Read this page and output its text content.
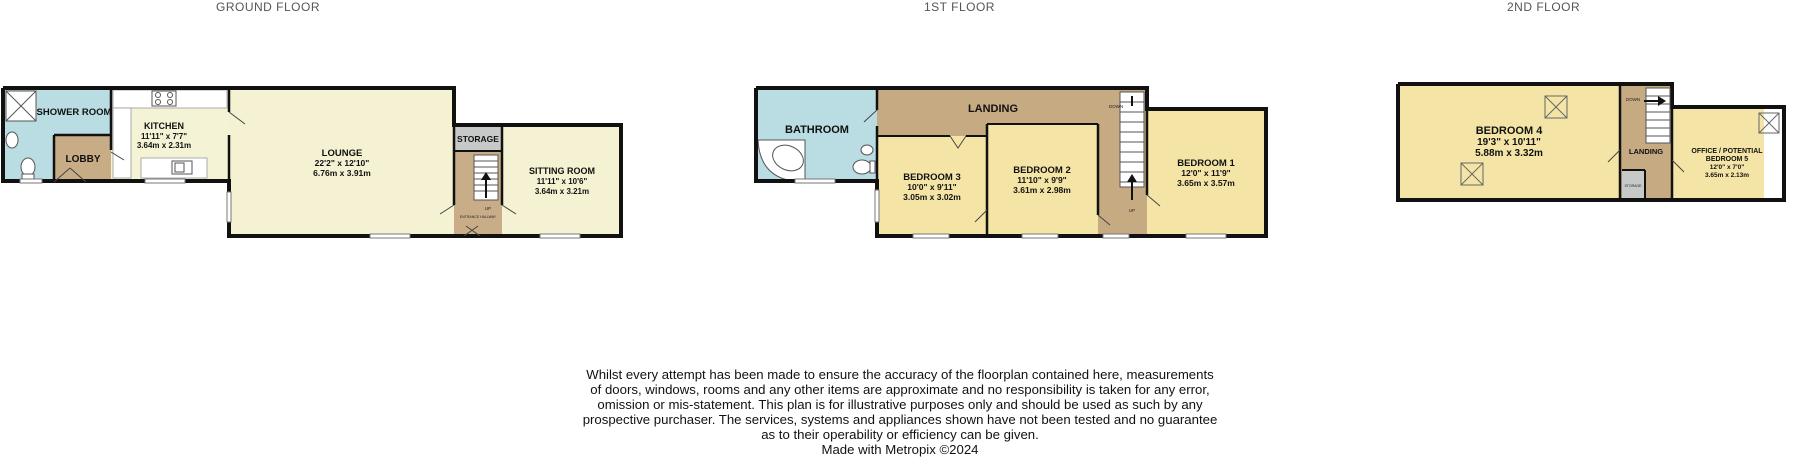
GROUND FLOOR	1ST FLOOR	2ND FLOOR
SHOWER ROOM
LOBBY
KITCHEN
11'11" x 7'7"
3.64m x 2.31m
LOUNGE
22'2" x 12'10"
6.76m x 3.91m
STORAGE
UP
ENTRANCE HALLWAY
SITTING ROOM
11'11" x 10'6"
3.64m x 3.21m
BATHROOM
LANDING	DOWN
UP
BEDROOM 3
10'0" x 9'11"
3.05m x 3.02m
BEDROOM 2
11'10" x 9'9"
3.61m x 2.98m
BEDROOM 1
12'0" x 11'9"
3.65m x 3.57m
DOWN
BEDROOM 4
19'3" x 10'11"
5.88m x 3.32m	LANDING
STORAGE
OFFICE / POTENTIAL
BEDROOM 5
12'0" x 7'0"
3.65m x 2.13m

Whilst every attempt has been made to ensure the accuracy of the floorplan contained here, measurements

of doors, windows, rooms and any other items are approximate and no responsibility is taken for any error,

omission or mis-statement. This plan is for illustrative purposes only and should be used as such by any

prospective purchaser. The services, systems and appliances shown have not been tested and no guarantee

as to their operability or efficiency can be given.

Made with Metropix ©2024
